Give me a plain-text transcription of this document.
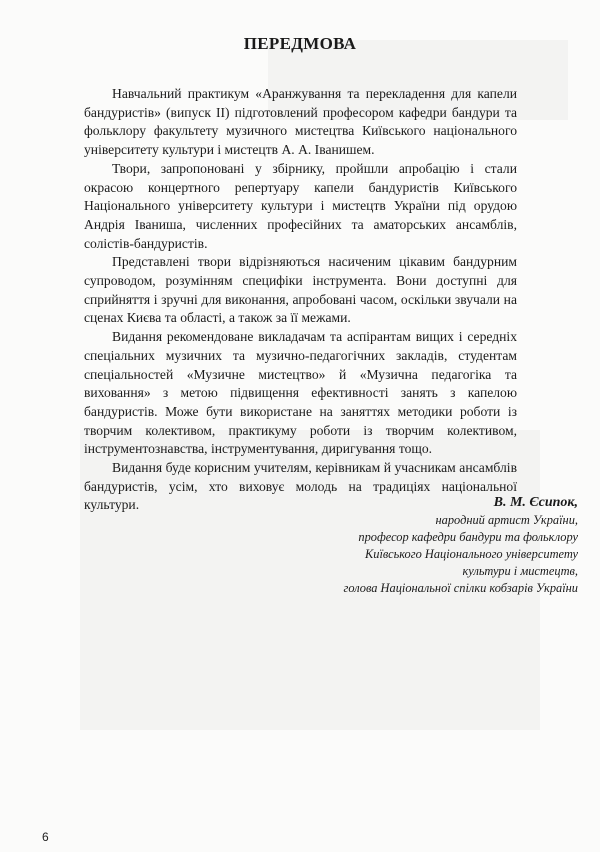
ПЕРЕДМОВА

Навчальний практикум «Аранжування та перекладення для капели бандуристів» (випуск ІІ) підготовлений професором кафедри бандури та фольклору факультету музичного мистецтва Київського національного університету культури і мистецтв А. А. Іванишем.

Твори, запропоновані у збірнику, пройшли апробацію і стали окрасою концертного репертуару капели бандуристів Київського Національного університету культури і мистецтв України під орудою Андрія Іваниша, численних професійних та аматорських ансамблів, солістів-бандуристів.

Представлені твори відрізняються насиченим цікавим бандурним супроводом, розумінням специфіки інструмента. Вони доступні для сприйняття і зручні для виконання, апробовані часом, оскільки звучали на сценах Києва та області, а також за її межами.

Видання рекомендоване викладачам та аспірантам вищих і середніх спеціальних музичних та музично-педагогічних закладів, студентам спеціальностей «Музичне мистецтво» й «Музична педагогіка та виховання» з метою підвищення ефективності занять з капелою бандуристів. Може бути використане на заняттях методики роботи із творчим колективом, практикуму роботи із творчим колективом, інструментознавства, інструментування, диригування тощо.

Видання буде корисним учителям, керівникам й учасникам ансамблів бандуристів, усім, хто виховує молодь на традиціях національної культури.	В. М. Єсипок,
народний артист України,
професор кафедри бандури та фольклору
Київського Національного університету
культури і мистецтв,
голова Національної спілки кобзарів України
6
